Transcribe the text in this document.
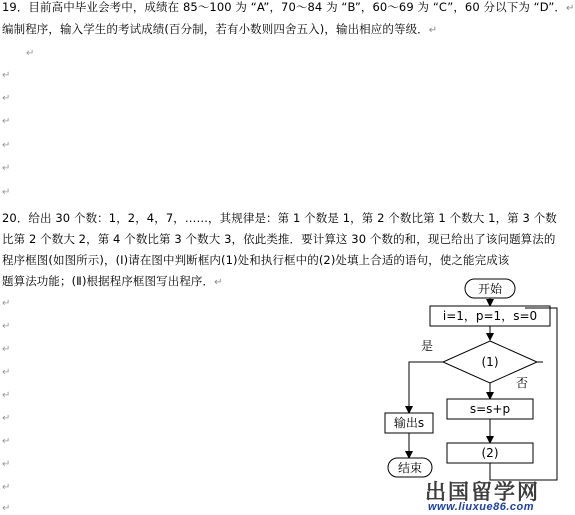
19．目前高中毕业会考中，成绩在 85～100 为 “A”，70～84 为 “B”，60～69 为 “C”，60 分以下为 “D”．↵
编制程序，输入学生的考试成绩(百分制，若有小数则四舍五入)，输出相应的等级．↵
↵
↵
↵
↵
↵
↵
↵
20．给出 30 个数：1，2，4，7，……，其规律是：第 1 个数是 1，第 2 个数比第 1 个数大 1，第 3 个数
比第 2 个数大 2，第 4 个数比第 3 个数大 3，依此类推．要计算这 30 个数的和，现已给出了该问题算法的
程序框图(如图所示)，(Ⅰ)请在图中判断框内(1)处和执行框中的(2)处填上合适的语句，使之能完成该
题算法功能；(Ⅱ)根据程序框图写出程序．↵
↵
↵
↵
↵
↵
↵
↵
↵
↵
↵
开始
i=1，p=1，s=0
(1)
是
输出s
结束
否
s=s+p
(2)
出国留学网
www.liuxue86.com
